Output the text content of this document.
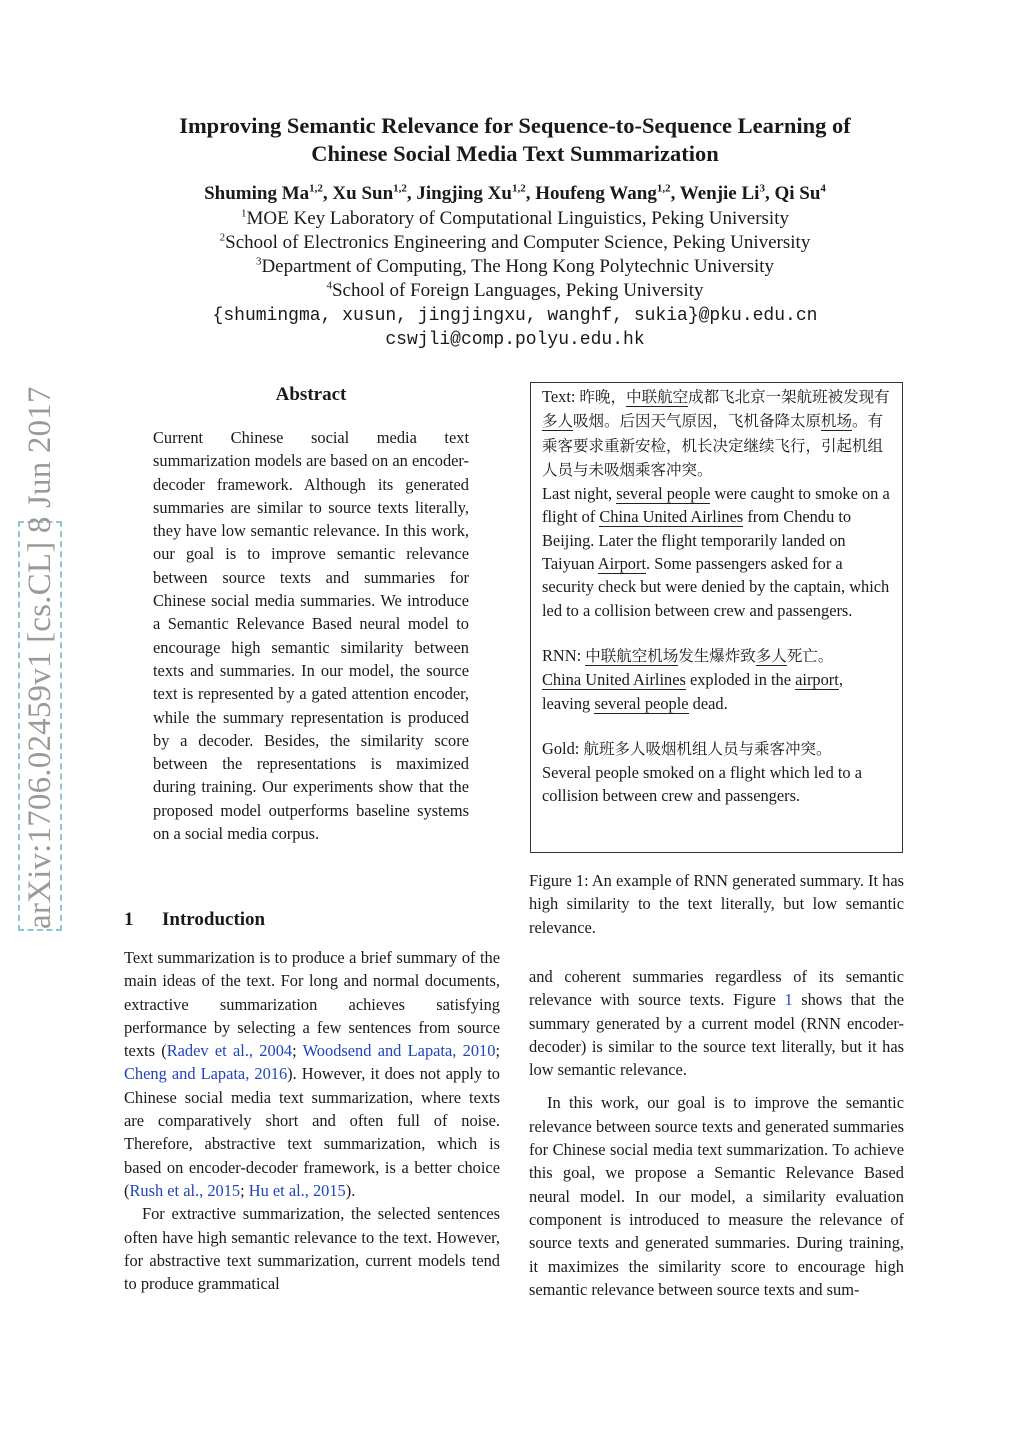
arXiv:1706.02459v1 [cs.CL] 8 Jun 2017
Improving Semantic Relevance for Sequence-to-Sequence Learning of
Chinese Social Media Text Summarization
Shuming Ma$^{1,2}$, Xu Sun$^{1,2}$, Jingjing Xu$^{1,2}$, Houfeng Wang$^{1,2}$, Wenjie Li$^3$, Qi Su$^4$
$^1$MOE Key Laboratory of Computational Linguistics, Peking University
$^2$School of Electronics Engineering and Computer Science, Peking University
$^3$Department of Computing, The Hong Kong Polytechnic University
$^4$School of Foreign Languages, Peking University
{shumingma, xusun, jingjingxu, wanghf, sukia}@pku.edu.cn
cswjli@comp.polyu.edu.hk
Abstract
Current Chinese social media text summarization models are based on an encoder-decoder framework. Although its generated summaries are similar to source texts literally, they have low semantic relevance. In this work, our goal is to improve semantic relevance between source texts and summaries for Chinese social media summaries. We introduce a Semantic Relevance Based neural model to encourage high semantic similarity between texts and summaries. In our model, the source text is represented by a gated attention encoder, while the summary representation is produced by a decoder. Besides, the similarity score between the representations is maximized during training. Our experiments show that the proposed model outperforms baseline systems on a social media corpus.
1  Introduction

Text summarization is to produce a brief summary of the main ideas of the text. For long and normal documents, extractive summarization achieves satisfying performance by selecting a few sentences from source texts (Radev et al., 2004; Woodsend and Lapata, 2010; Cheng and Lapata, 2016). However, it does not apply to Chinese social media text summarization, where texts are comparatively short and often full of noise. Therefore, abstractive text summarization, which is based on encoder-decoder framework, is a better choice (Rush et al., 2015; Hu et al., 2015).

For extractive summarization, the selected sentences often have high semantic relevance to the text. However, for abstractive text summarization, current models tend to produce grammatical

Text: 昨晚，中联航空成都飞北京一架航班被发现有多人吸烟。后因天气原因，飞机备降太原机场。有乘客要求重新安检，机长决定继续飞行，引起机组人员与未吸烟乘客冲突。

Last night, several people were caught to smoke on a flight of China United Airlines from Chendu to Beijing. Later the flight temporarily landed on Taiyuan Airport. Some passengers asked for a security check but were denied by the captain, which led to a collision between crew and passengers.

RNN: 中联航空机场发生爆炸致多人死亡。

China United Airlines exploded in the airport, leaving several people dead.

Gold: 航班多人吸烟机组人员与乘客冲突。

Several people smoked on a flight which led to a collision between crew and passengers.

Figure 1: An example of RNN generated summary. It has high similarity to the text literally, but low semantic relevance.

and coherent summaries regardless of its semantic relevance with source texts. Figure 1 shows that the summary generated by a current model (RNN encoder-decoder) is similar to the source text literally, but it has low semantic relevance.

In this work, our goal is to improve the semantic relevance between source texts and generated summaries for Chinese social media text summarization. To achieve this goal, we propose a Semantic Relevance Based neural model. In our model, a similarity evaluation component is introduced to measure the relevance of source texts and generated summaries. During training, it maximizes the similarity score to encourage high semantic relevance between source texts and sum-
